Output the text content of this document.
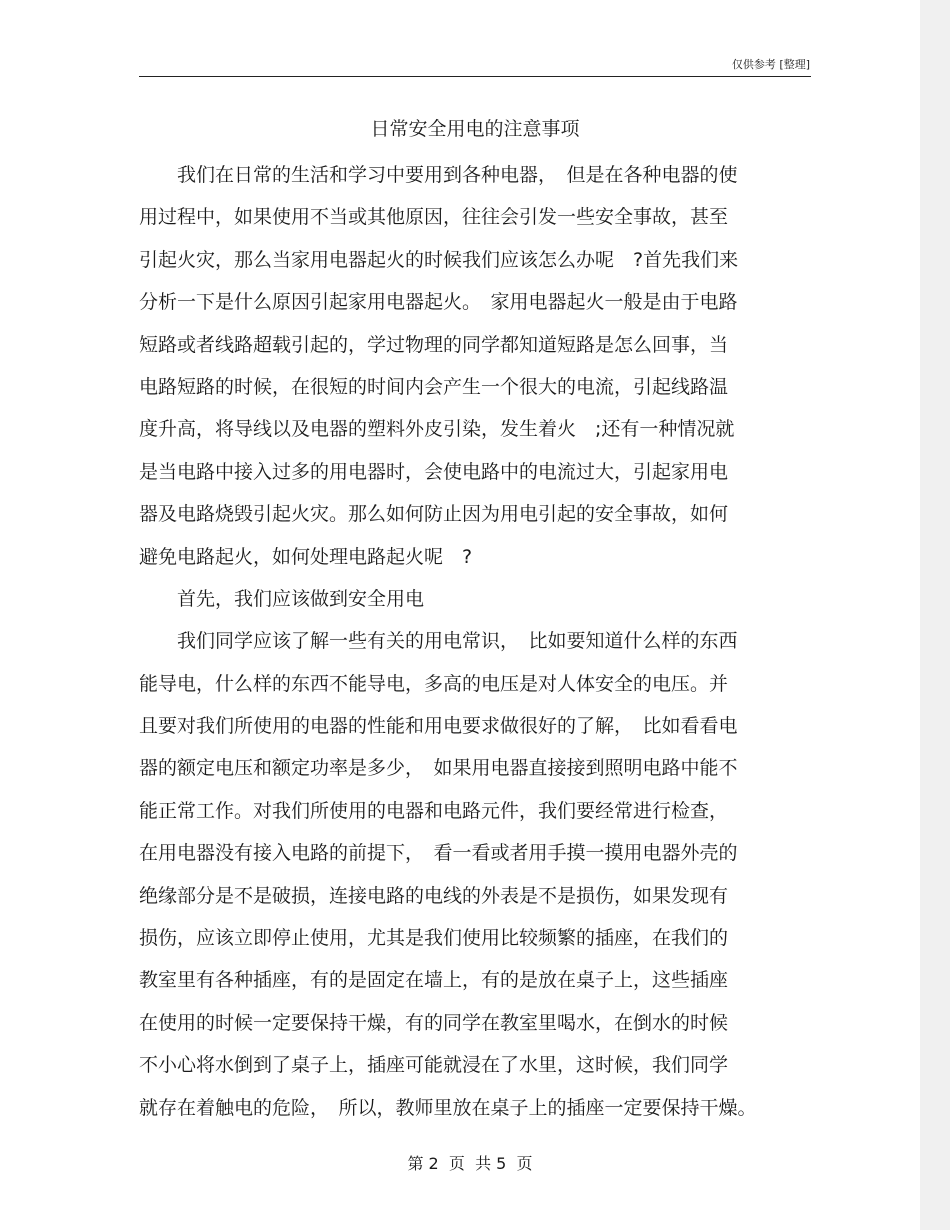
仅供参考 [整理]
日常安全用电的注意事项
　　我们在日常的生活和学习中要用到各种电器，　但是在各种电器的使
用过程中，如果使用不当或其他原因，往往会引发一些安全事故，甚至
引起火灾，那么当家用电器起火的时候我们应该怎么办呢　?首先我们来
分析一下是什么原因引起家用电器起火。　家用电器起火一般是由于电路
短路或者线路超载引起的，学过物理的同学都知道短路是怎么回事，当
电路短路的时候，在很短的时间内会产生一个很大的电流，引起线路温
度升高，将导线以及电器的塑料外皮引染，发生着火　;还有一种情况就
是当电路中接入过多的用电器时，会使电路中的电流过大，引起家用电
器及电路烧毁引起火灾。那么如何防止因为用电引起的安全事故，如何
避免电路起火，如何处理电路起火呢　?
　　首先，我们应该做到安全用电
　　我们同学应该了解一些有关的用电常识，　比如要知道什么样的东西
能导电，什么样的东西不能导电，多高的电压是对人体安全的电压。并
且要对我们所使用的电器的性能和用电要求做很好的了解，　比如看看电
器的额定电压和额定功率是多少，　如果用电器直接接到照明电路中能不
能正常工作。对我们所使用的电器和电路元件，我们要经常进行检查，
在用电器没有接入电路的前提下，　看一看或者用手摸一摸用电器外壳的
绝缘部分是不是破损，连接电路的电线的外表是不是损伤，如果发现有
损伤，应该立即停止使用，尤其是我们使用比较频繁的插座，在我们的
教室里有各种插座，有的是固定在墙上，有的是放在桌子上，这些插座
在使用的时候一定要保持干燥，有的同学在教室里喝水，在倒水的时候
不小心将水倒到了桌子上，插座可能就浸在了水里，这时候，我们同学
就存在着触电的危险，　所以，教师里放在桌子上的插座一定要保持干燥。
第 2  页  共 5  页
